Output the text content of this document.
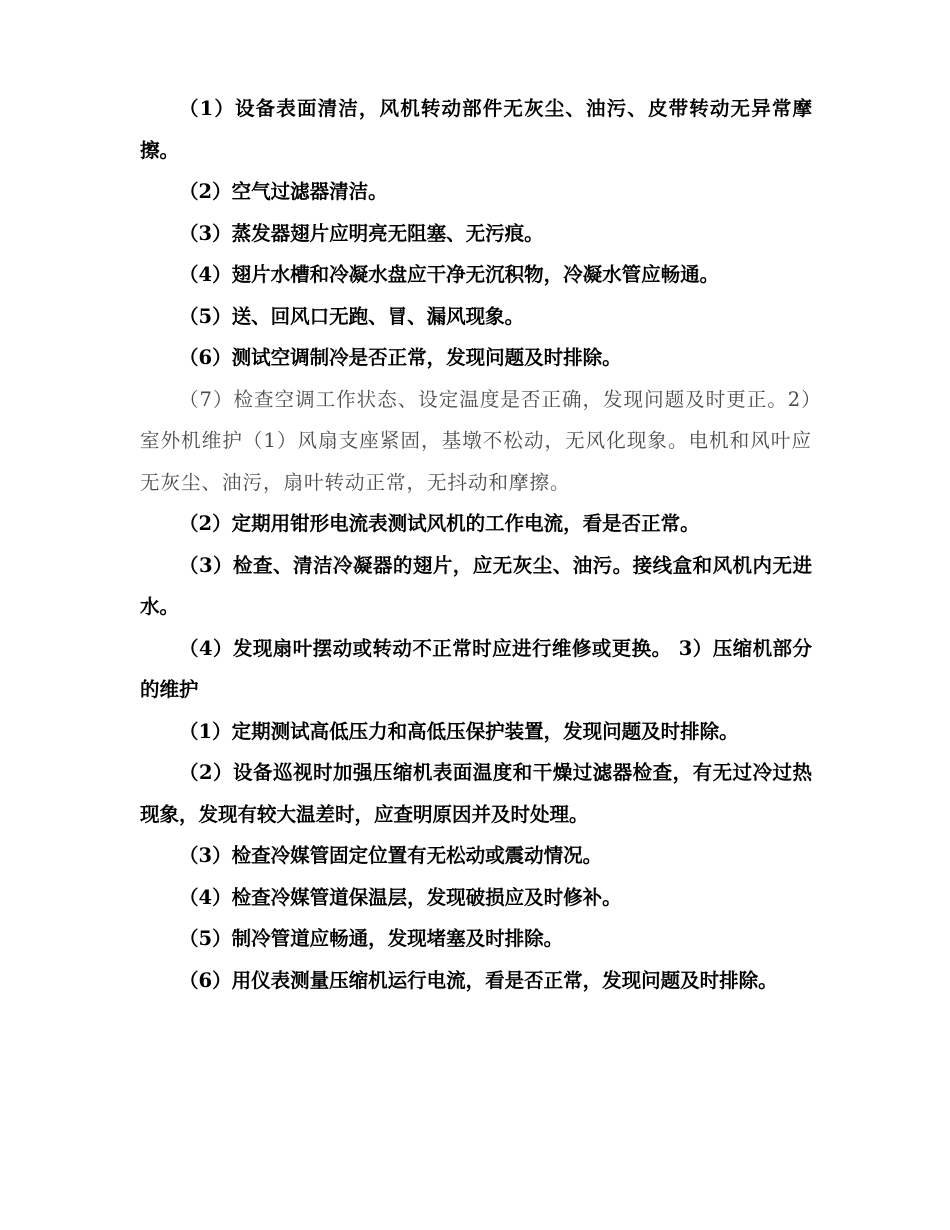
（1）设备表面清洁，风机转动部件无灰尘、油污、皮带转动无异常摩擦。

（2）空气过滤器清洁。

（3）蒸发器翅片应明亮无阻塞、无污痕。

（4）翅片水槽和冷凝水盘应干净无沉积物，冷凝水管应畅通。

（5）送、回风口无跑、冒、漏风现象。

（6）测试空调制冷是否正常，发现问题及时排除。

（7）检查空调工作状态、设定温度是否正确，发现问题及时更正。2）室外机维护（1）风扇支座紧固，基墩不松动，无风化现象。电机和风叶应无灰尘、油污，扇叶转动正常，无抖动和摩擦。

（2）定期用钳形电流表测试风机的工作电流，看是否正常。

（3）检查、清洁冷凝器的翅片，应无灰尘、油污。接线盒和风机内无进水。

（4）发现扇叶摆动或转动不正常时应进行维修或更换。 3）压缩机部分的维护

（1）定期测试高低压力和高低压保护装置，发现问题及时排除。

（2）设备巡视时加强压缩机表面温度和干燥过滤器检查，有无过冷过热现象，发现有较大温差时，应查明原因并及时处理。

（3）检查冷媒管固定位置有无松动或震动情况。

（4）检查冷媒管道保温层，发现破损应及时修补。

（5）制冷管道应畅通，发现堵塞及时排除。

（6）用仪表测量压缩机运行电流，看是否正常，发现问题及时排除。
